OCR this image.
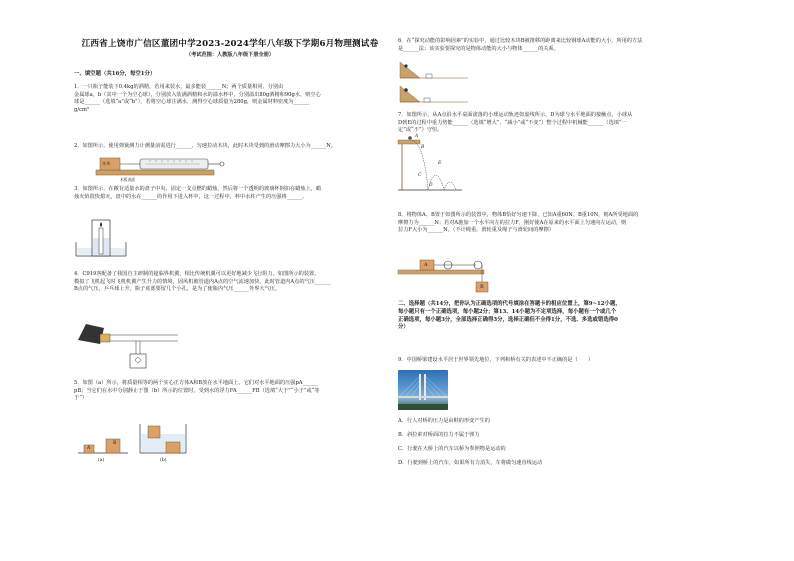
江西省上饶市广信区董团中学2023-2024学年八年级下学期6月物理测试卷
（考试范围：人教版八年级下册全册）
一、填空题（共16分，每空1分）
1．一只瓶子能装下0.4kg的酒精，若用来装水，最多能装______N；两个质量相同、分别由
金属球a，b（其中一个为空心球），分别放入装满酒精和水的溢水杯中，分别溢出80g酒精和90g水，则空心
球是______（选填“a”或“b”），若将空心球注满水，测得空心球质量为280g，则金属材料密度为______
g/cm³
2．如图所示，使用弹簧测力计测量前需进行______，匀速拉动木块，此时木块受到的滑动摩擦力大小为______N。
木块
木板表面
3．如图所示，在敞有适量水的盘子中央，固定一支点燃的蜡烛，然后将一个透明的玻璃杯倒扣在蜡烛上，蜡
烛火焰很快熄灭，盘中的水在______的作用下进入杯中，这一过程中，杯中水柱产生的压强将______。
4．C919客配备了我国自主研制的超临界机翼，相比传统机翼可以更好地减少飞行阻力。如图所示的装置，
模拟了飞机起飞时飞机机翼产生升力的情境，固风机被管道内A点的空气流速加快，此时管道内A点的气压______
B点的气压，乒乓球上升，瓶子底部要留几个小孔，是为了使瓶内气压______外界大气压。
5．如图（a）所示，将质量相等的两个实心正方体A和B放在水平地面上，它们对水平地面的压强pA______
pB；当它们在水中分别静止于图（b）所示的位置时，受到水的浮力FA______FB（选填“大于”“小于”或“等
于”）
A
B
(a)	(b)
6．在“探究动能的影响因素”的实验中，通过比较木块B被推移的距离来比较钢球A动能的大小，所用的方法
是______法；该实验要探究的是物体动能的大小与物体______的关系。
7．如图所示，从A点沿水平桌面滚落的小球运动轨迹如虚线所示，D为球与水平地面的接触点，小球从
D到E的过程中重力势能______（选填“增大”、“减小”或“不变”）整个过程中机械能______（选填“一
定”或“不”）守恒。
A
B
C
D
E
8．将物体A、B置于如图所示的装置中，物体B恰好匀速下降，已知A重60N、B重10N，则A所受地面的
摩擦力为______N；若对A施加一个水平向左的拉力F，刚好使A在原来的水平面上匀速向左运动，则
拉力F大小为______N。（不计绳重，滑轮重及绳子与滑轮间的摩擦）
A
B
二、选择题（共14分，把你认为正确选项的代号填涂在答题卡的相应位置上，第9~12小题，
每小题只有一个正确选项，每小题2分；第13、14小题为不定项选择，每小题有一个或几个
正确选项，每小题3分，全部选择正确得3分，选择正确但不全得1分，不选、多选或错选得0
分）
9．中国桥梁建设水平居于世界领先地位，下列和桥有关的表述中不正确的是（　　）
A．行人对桥的压力是由鞋的形变产生的
B．斜拉索对桥面的拉力不属于弹力
C．行驶在大桥上的汽车以桥为参照物是运动的
D．行驶到桥上的汽车，如果所有力消失，车将做匀速直线运动
